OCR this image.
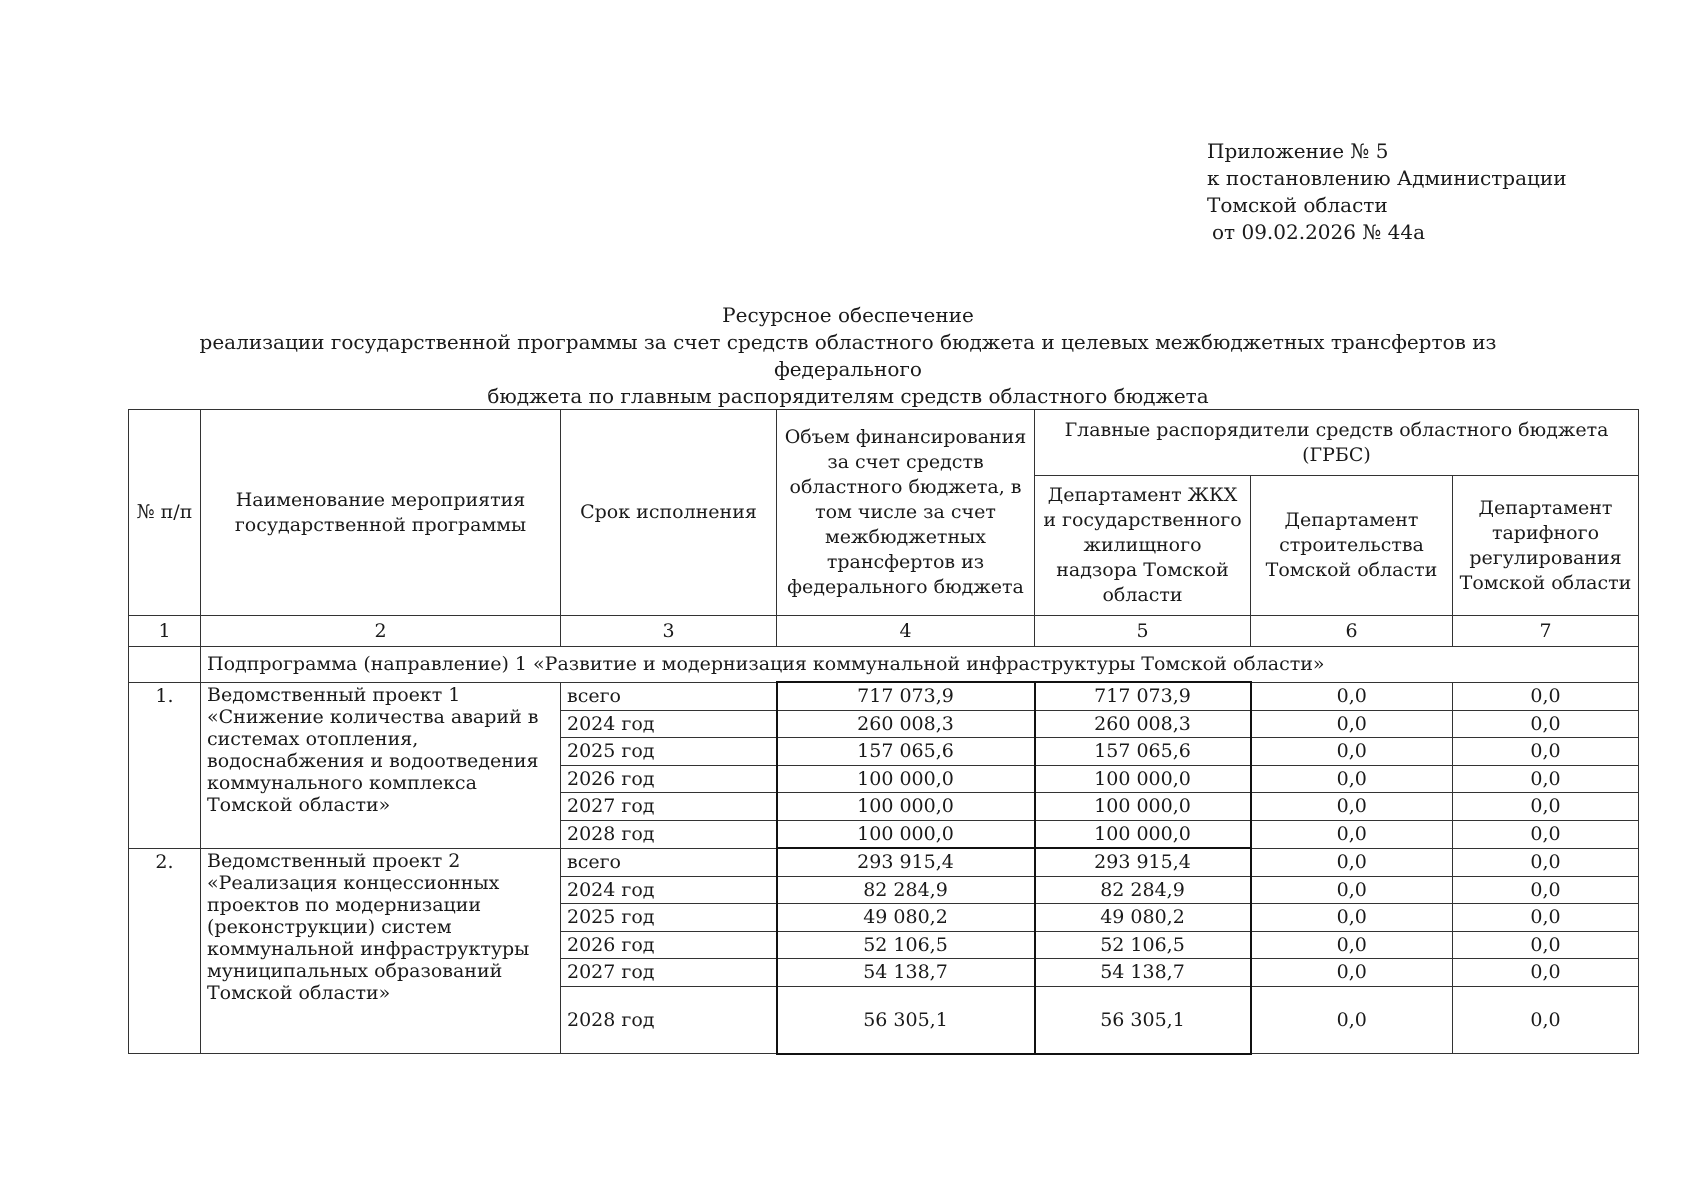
Приложение № 5
к постановлению Администрации
Томской области
от 09.02.2026 № 44а
Ресурсное обеспечение
реализации государственной программы за счет средств областного бюджета и целевых межбюджетных трансфертов из федерального
бюджета по главным распорядителям средств областного бюджета
№ п/п	Наименование мероприятия государственной программы	Срок исполнения	Объем финансирования за счет средств областного бюджета, в том числе за счет межбюджетных трансфертов из федерального бюджета	Главные распорядители средств областного бюджета (ГРБС)		
				Департамент ЖКХ и государственного жилищного надзора Томской области	Департамент строительства Томской области	Департамент тарифного регулирования Томской области
1	2	3	4	5	6	7
	Подпрограмма (направление) 1 «Развитие и модернизация коммунальной инфраструктуры Томской области»					
1.	Ведомственный проект 1 «Снижение количества аварий в системах отопления, водоснабжения и водоотведения коммунального комплекса Томской области»	всего	717 073,9	717 073,9	0,0	0,0
		2024 год	260 008,3	260 008,3	0,0	0,0
		2025 год	157 065,6	157 065,6	0,0	0,0
		2026 год	100 000,0	100 000,0	0,0	0,0
		2027 год	100 000,0	100 000,0	0,0	0,0
		2028 год	100 000,0	100 000,0	0,0	0,0
2.	Ведомственный проект 2 «Реализация концессионных проектов по модернизации (реконструкции) систем коммунальной инфраструктуры муниципальных образований Томской области»	всего	293 915,4	293 915,4	0,0	0,0
		2024 год	82 284,9	82 284,9	0,0	0,0
		2025 год	49 080,2	49 080,2	0,0	0,0
		2026 год	52 106,5	52 106,5	0,0	0,0
		2027 год	54 138,7	54 138,7	0,0	0,0
		2028 год	56 305,1	56 305,1	0,0	0,0
